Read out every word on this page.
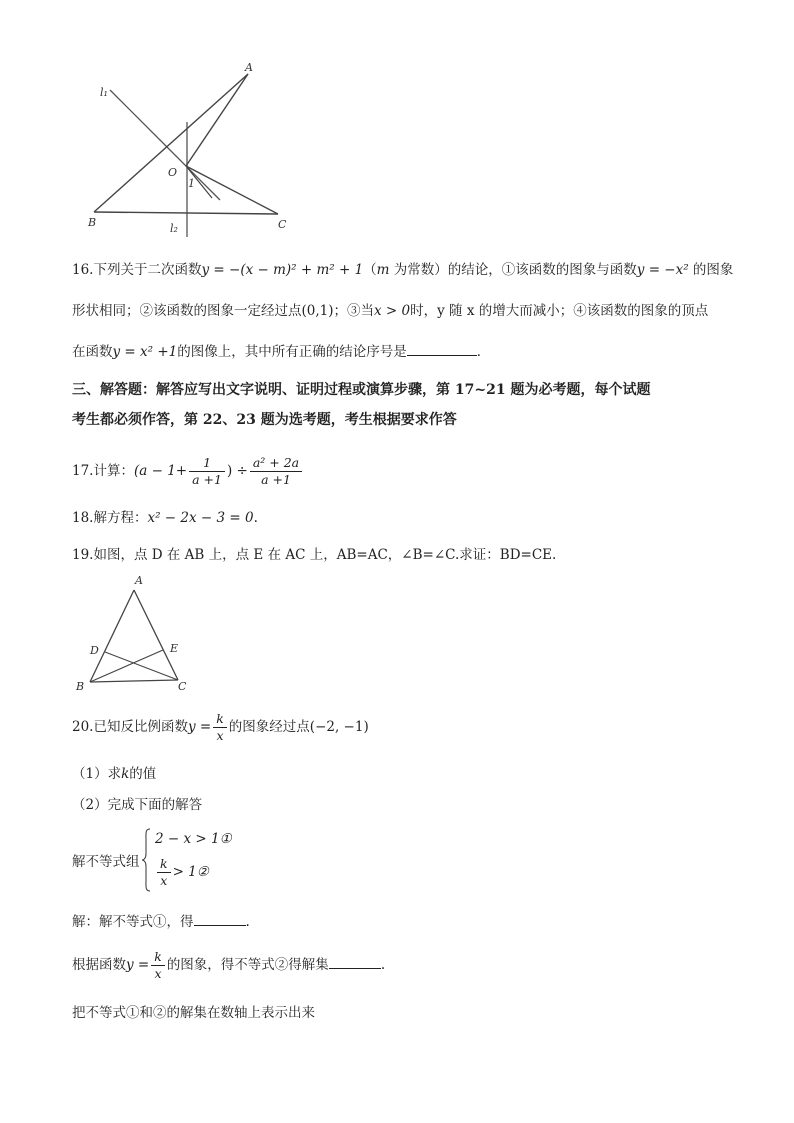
A
l₁
O
1
B	l₂	C
16.下列关于二次函数y = −(x − m)² + m² + 1（m 为常数）的结论，①该函数的图象与函数y = −x² 的图象
形状相同；②该函数的图象一定经过点(0,1)；③当x > 0时，y 随 x 的增大而减小；④该函数的图象的顶点
在函数y = x² +1的图像上，其中所有正确的结论序号是	．
三、解答题：解答应写出文字说明、证明过程或演算步骤，第 17~21 题为必考题，每个试题
考生都必须作答，第 22、23 题为选考题，考生根据要求作答
17.计算：($a - 1+ \frac{1}{a +1}$ ) ÷ $\frac{\text{a² + 2a}}{a +1}$
18.解方程：x² − 2x − 3 = 0.
19.如图，点 D 在 AB 上，点 E 在 AC 上，AB=AC，∠B=∠C.求证：BD=CE.
A
D	E
B	C
20.已知反比例函数$y = \frac{k}{x}$ 的图象经过点(−2, −1)
（1）求k的值
（2）完成下面的解答
解不等式组
2 − x > 1①
$\frac{k}{x}$ > 1②
解：解不等式①，得	.
根据函数$y = \frac{k}{x}$ 的图象，得不等式②得解集	.
把不等式①和②的解集在数轴上表示出来
